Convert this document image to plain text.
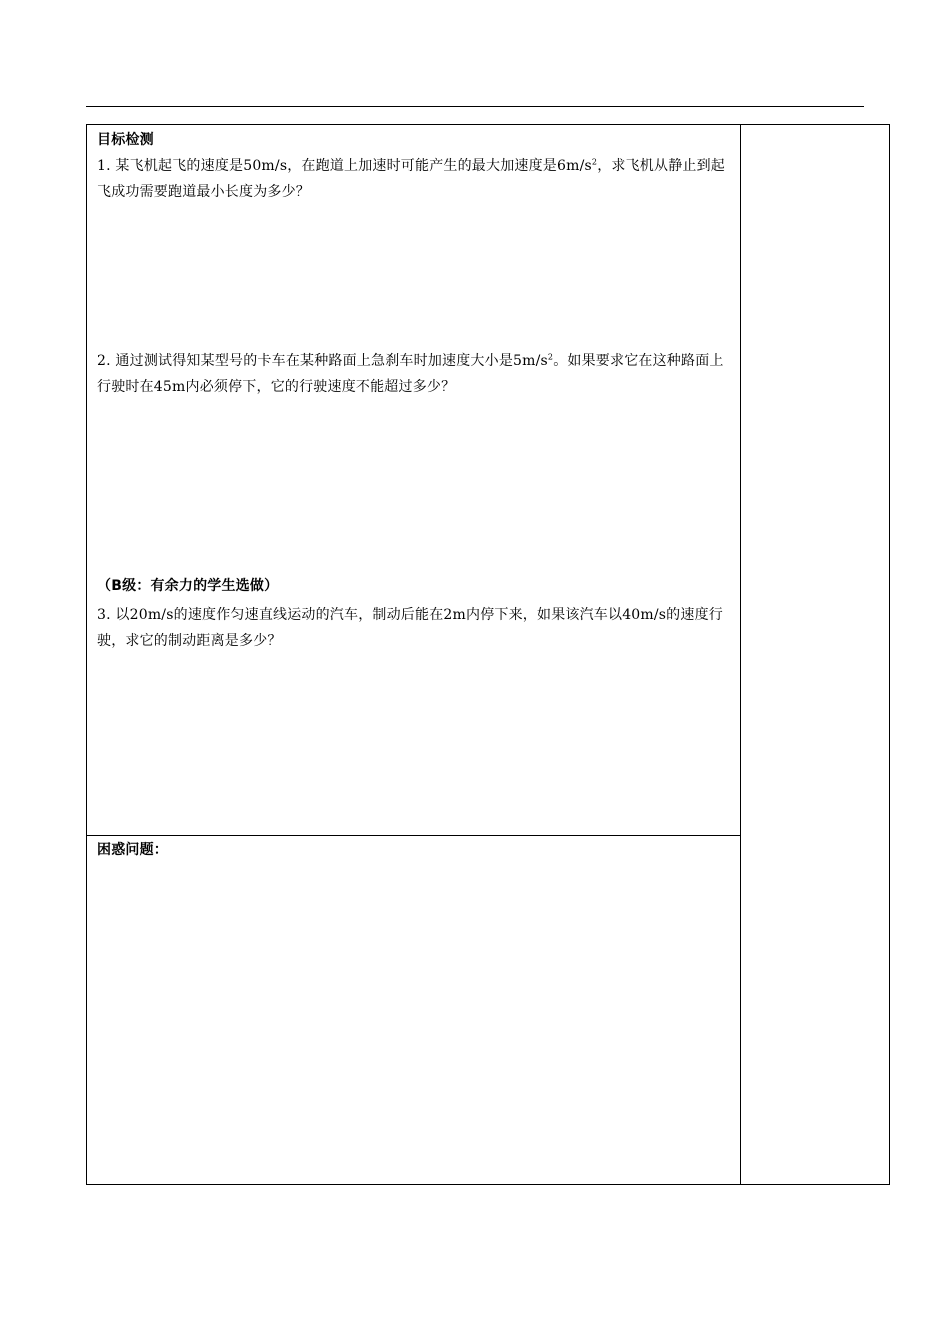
目标检测
1. 某飞机起飞的速度是50m/s，在跑道上加速时可能产生的最大加速度是$6m/s^2$，求飞机从静止到起飞成功需要跑道最小长度为多少？
2. 通过测试得知某型号的卡车在某种路面上急刹车时加速度大小是$5m/s^2$。如果要求它在这种路面上行驶时在45m内必须停下，它的行驶速度不能超过多少？
（B级：有余力的学生选做）
3. 以20m/s的速度作匀速直线运动的汽车，制动后能在2m内停下来，如果该汽车以40m/s的速度行驶，求它的制动距离是多少？
困惑问题：
